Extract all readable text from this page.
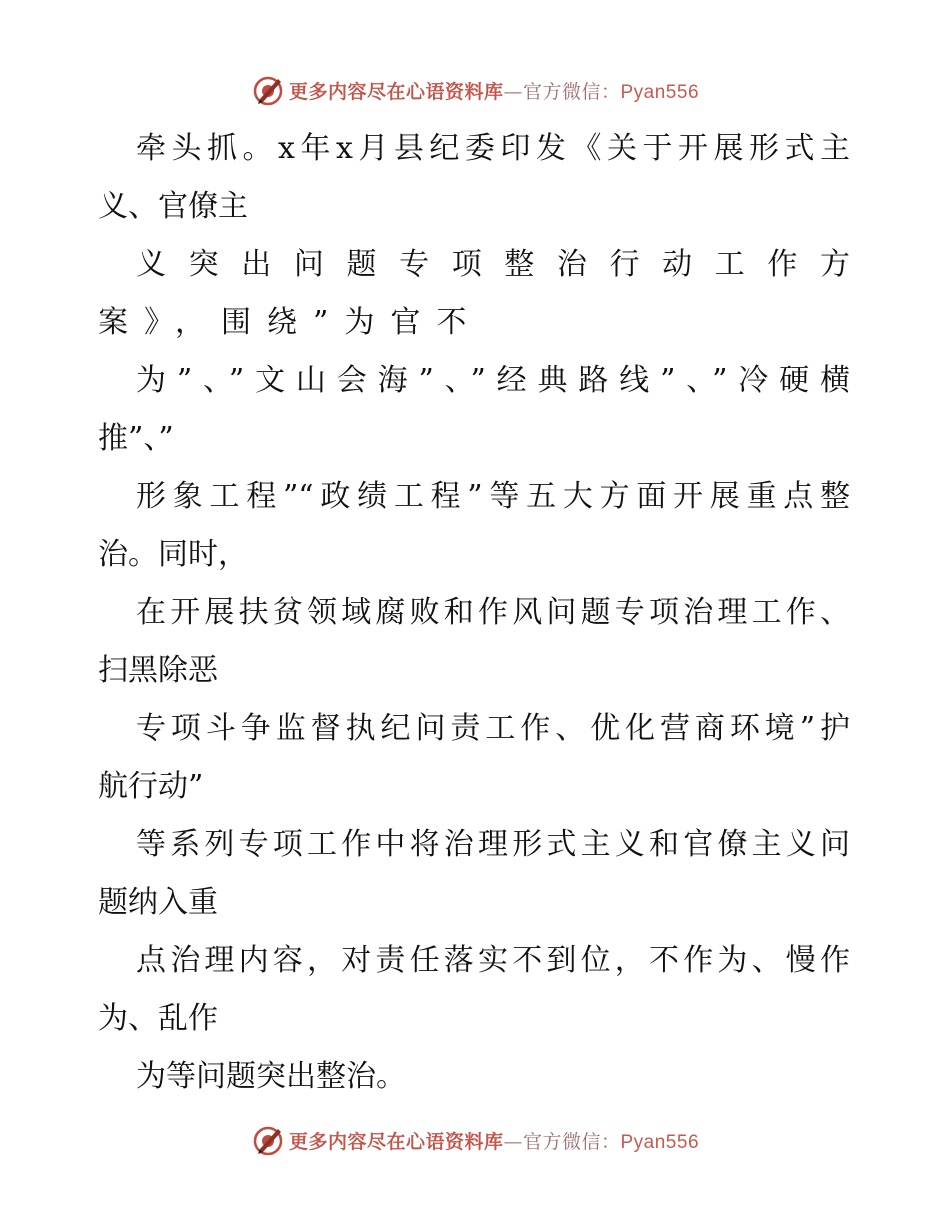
更多内容尽在心语资料库—官方微信：Pyan556

牵头抓。x年x月县纪委印发《关于开展形式主

义、官僚主

义突出问题专项整治行动工作方

案》，围绕”为官不

为”、”文山会海”、”经典路线”、”冷硬横

推”、”

形象工程”“政绩工程”等五大方面开展重点整

治。同时，

在开展扶贫领域腐败和作风问题专项治理工作、

扫黑除恶

专项斗争监督执纪问责工作、优化营商环境”护

航行动”

等系列专项工作中将治理形式主义和官僚主义问

题纳入重

点治理内容，对责任落实不到位，不作为、慢作

为、乱作

为等问题突出整治。

更多内容尽在心语资料库—官方微信：Pyan556
